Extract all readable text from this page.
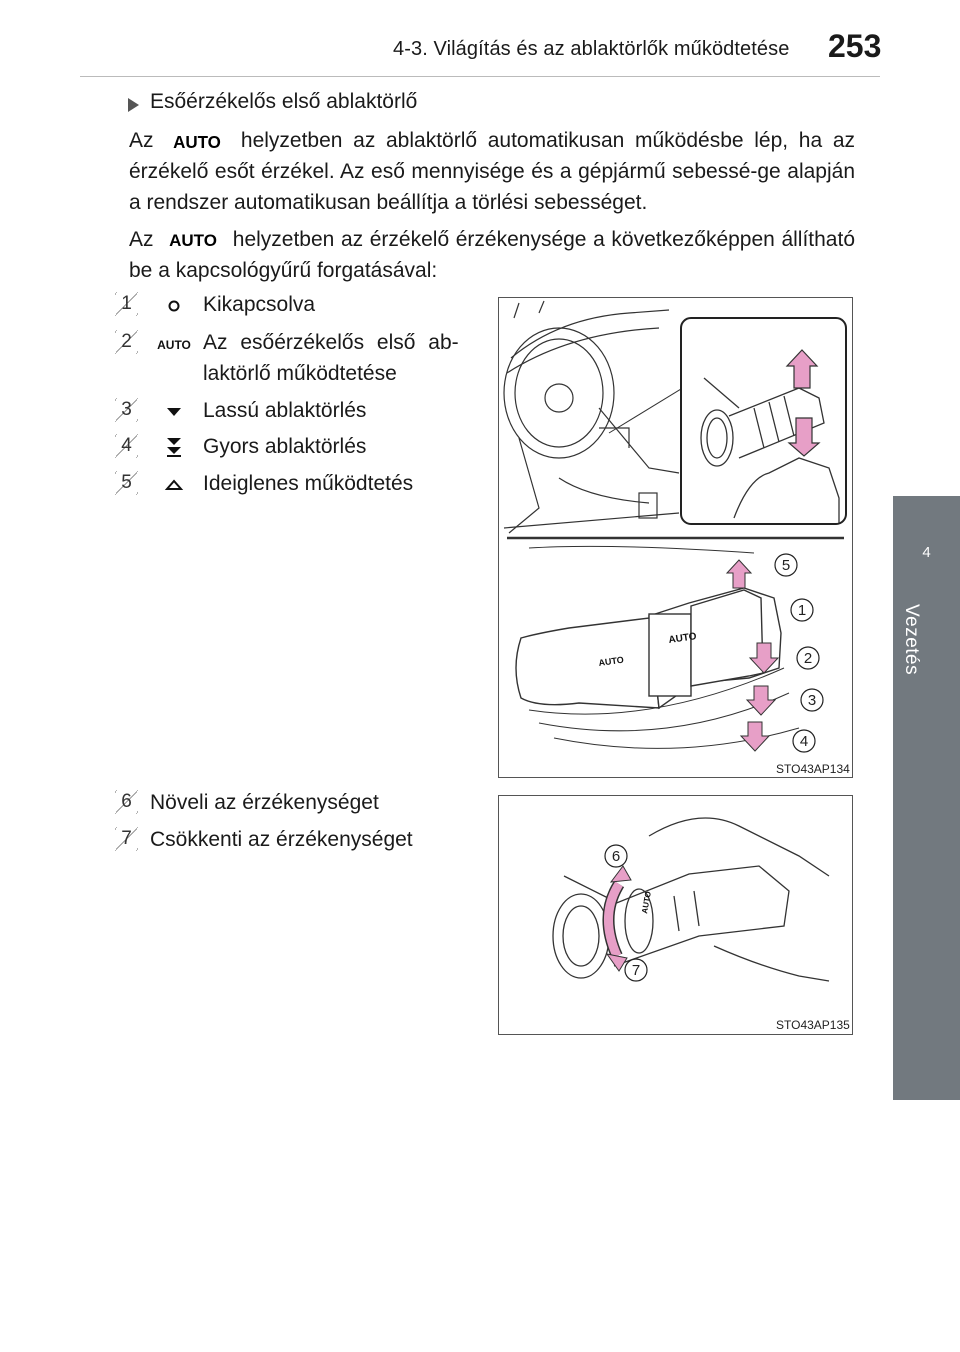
4-3. Világítás és az ablaktörlők működtetése 253
4
Vezetés
Esőérzékelős első ablaktörlő
Az AUTO helyzetben az ablaktörlő automatikusan működésbe lép, ha az érzékelő esőt érzékel. Az eső mennyisége és a gépjármű sebessé-ge alapján a rendszer automatikusan beállítja a törlési sebességet.
Az AUTO helyzetben az érzékelő érzékenysége a következőképpen állítható be a kapcsológyűrű forgatásával:
1	Kikapcsolva
2	AUTO Az esőérzékelős első ab-
laktörlő működtetése
3	Lassú ablaktörlés
4	Gyors ablaktörlés
5	Ideiglenes működtetés
6 Növeli az érzékenységet
7 Csökkenti az érzékenységet
AUTO
AUTO
5
1
2
3
4
STO43AP134
AUTO
6
7
STO43AP135
